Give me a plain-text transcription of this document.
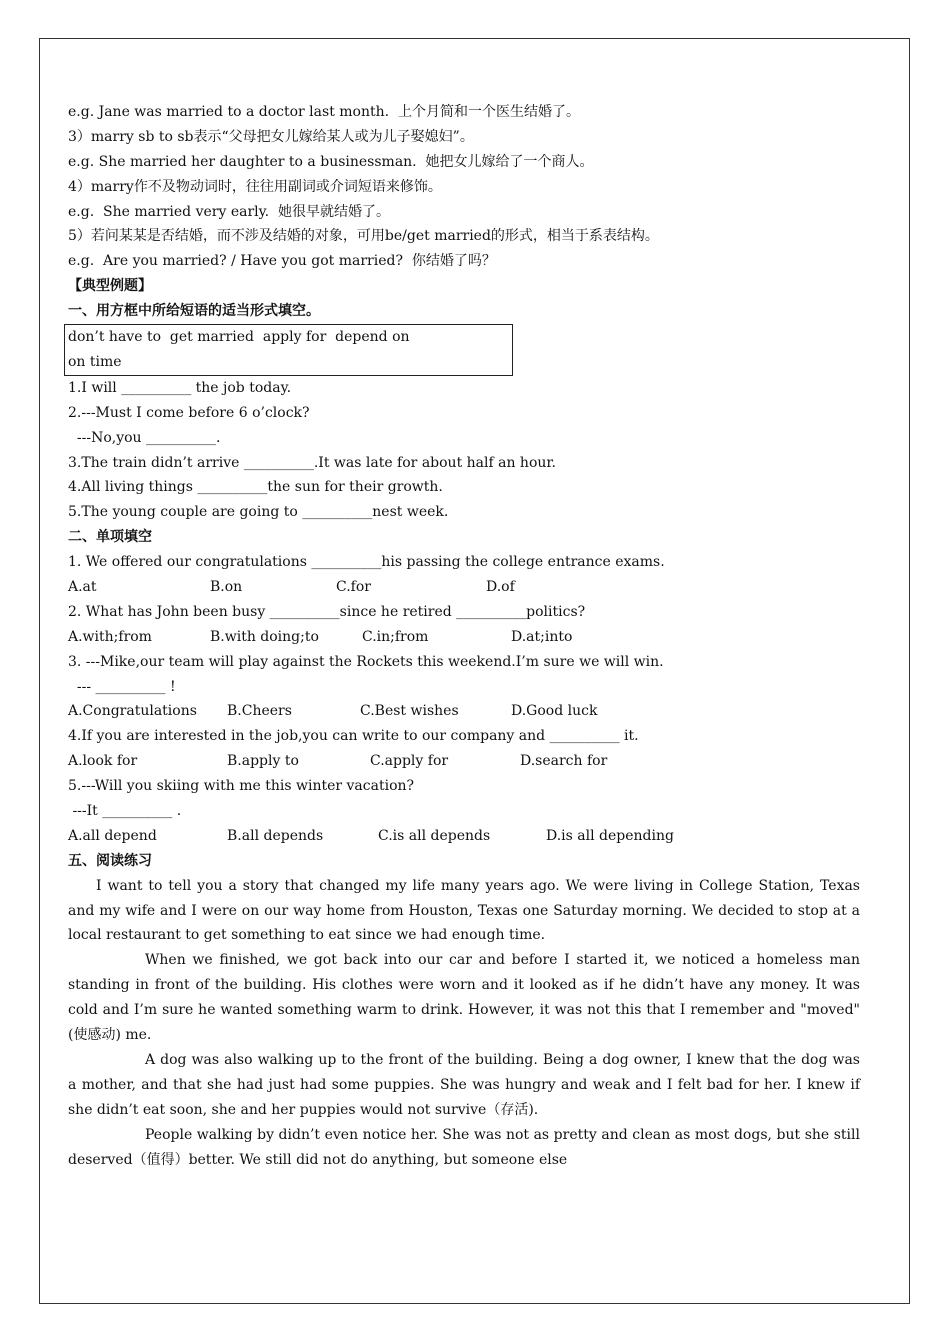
e.g. Jane was married to a doctor last month.  上个月简和一个医生结婚了。
3）marry sb to sb表示“父母把女儿嫁给某人或为儿子娶媳妇”。
e.g. She married her daughter to a businessman.  她把女儿嫁给了一个商人。
4）marry作不及物动词时，往往用副词或介词短语来修饰。
e.g.  She married very early.  她很早就结婚了。
5）若问某某是否结婚，而不涉及结婚的对象，可用be/get married的形式，相当于系表结构。
e.g.  Are you married? / Have you got married?  你结婚了吗？
【典型例题】
一、用方框中所给短语的适当形式填空。
don’t have to  get married  apply for  depend on
on time
1.I will __________ the job today.
2.---Must I come before 6 o’clock?
---No,you __________.
3.The train didn’t arrive __________.It was late for about half an hour.
4.All living things __________the sun for their growth.
5.The young couple are going to __________nest week.
二、单项填空
1. We offered our congratulations __________his passing the college entrance exams.
A.at	B.on	C.for	D.of
2. What has John been busy __________since he retired __________politics?
A.with;from	B.with doing;to	C.in;from	D.at;into
3. ---Mike,our team will play against the Rockets this weekend.I’m sure we will win.
--- __________ !
A.Congratulations	B.Cheers	C.Best wishes	D.Good luck
4.If you are interested in the job,you can write to our company and __________ it.
A.look for	B.apply to	C.apply for	D.search for
5.---Will you skiing with me this winter vacation?
---It __________ .
A.all depend	B.all depends	C.is all depends	D.is all depending
五、阅读练习

I want to tell you a story that changed my life many years ago. We were living in College Station, Texas and my wife and I were on our way home from Houston, Texas one Saturday morning. We decided to stop at a local restaurant to get something to eat since we had enough time.

When we finished, we got back into our car and before I started it, we noticed a homeless man standing in front of the building. His clothes were worn and it looked as if he didn’t have any money. It was cold and I’m sure he wanted something warm to drink. However, it was not this that I remember and "moved"(使感动) me.

A dog was also walking up to the front of the building. Being a dog owner, I knew that the dog was a mother, and that she had just had some puppies. She was hungry and weak and I felt bad for her. I knew if she didn’t eat soon, she and her puppies would not survive（存活).

People walking by didn’t even notice her. She was not as pretty and clean as most dogs, but she still deserved（值得）better. We still did not do anything, but someone else
